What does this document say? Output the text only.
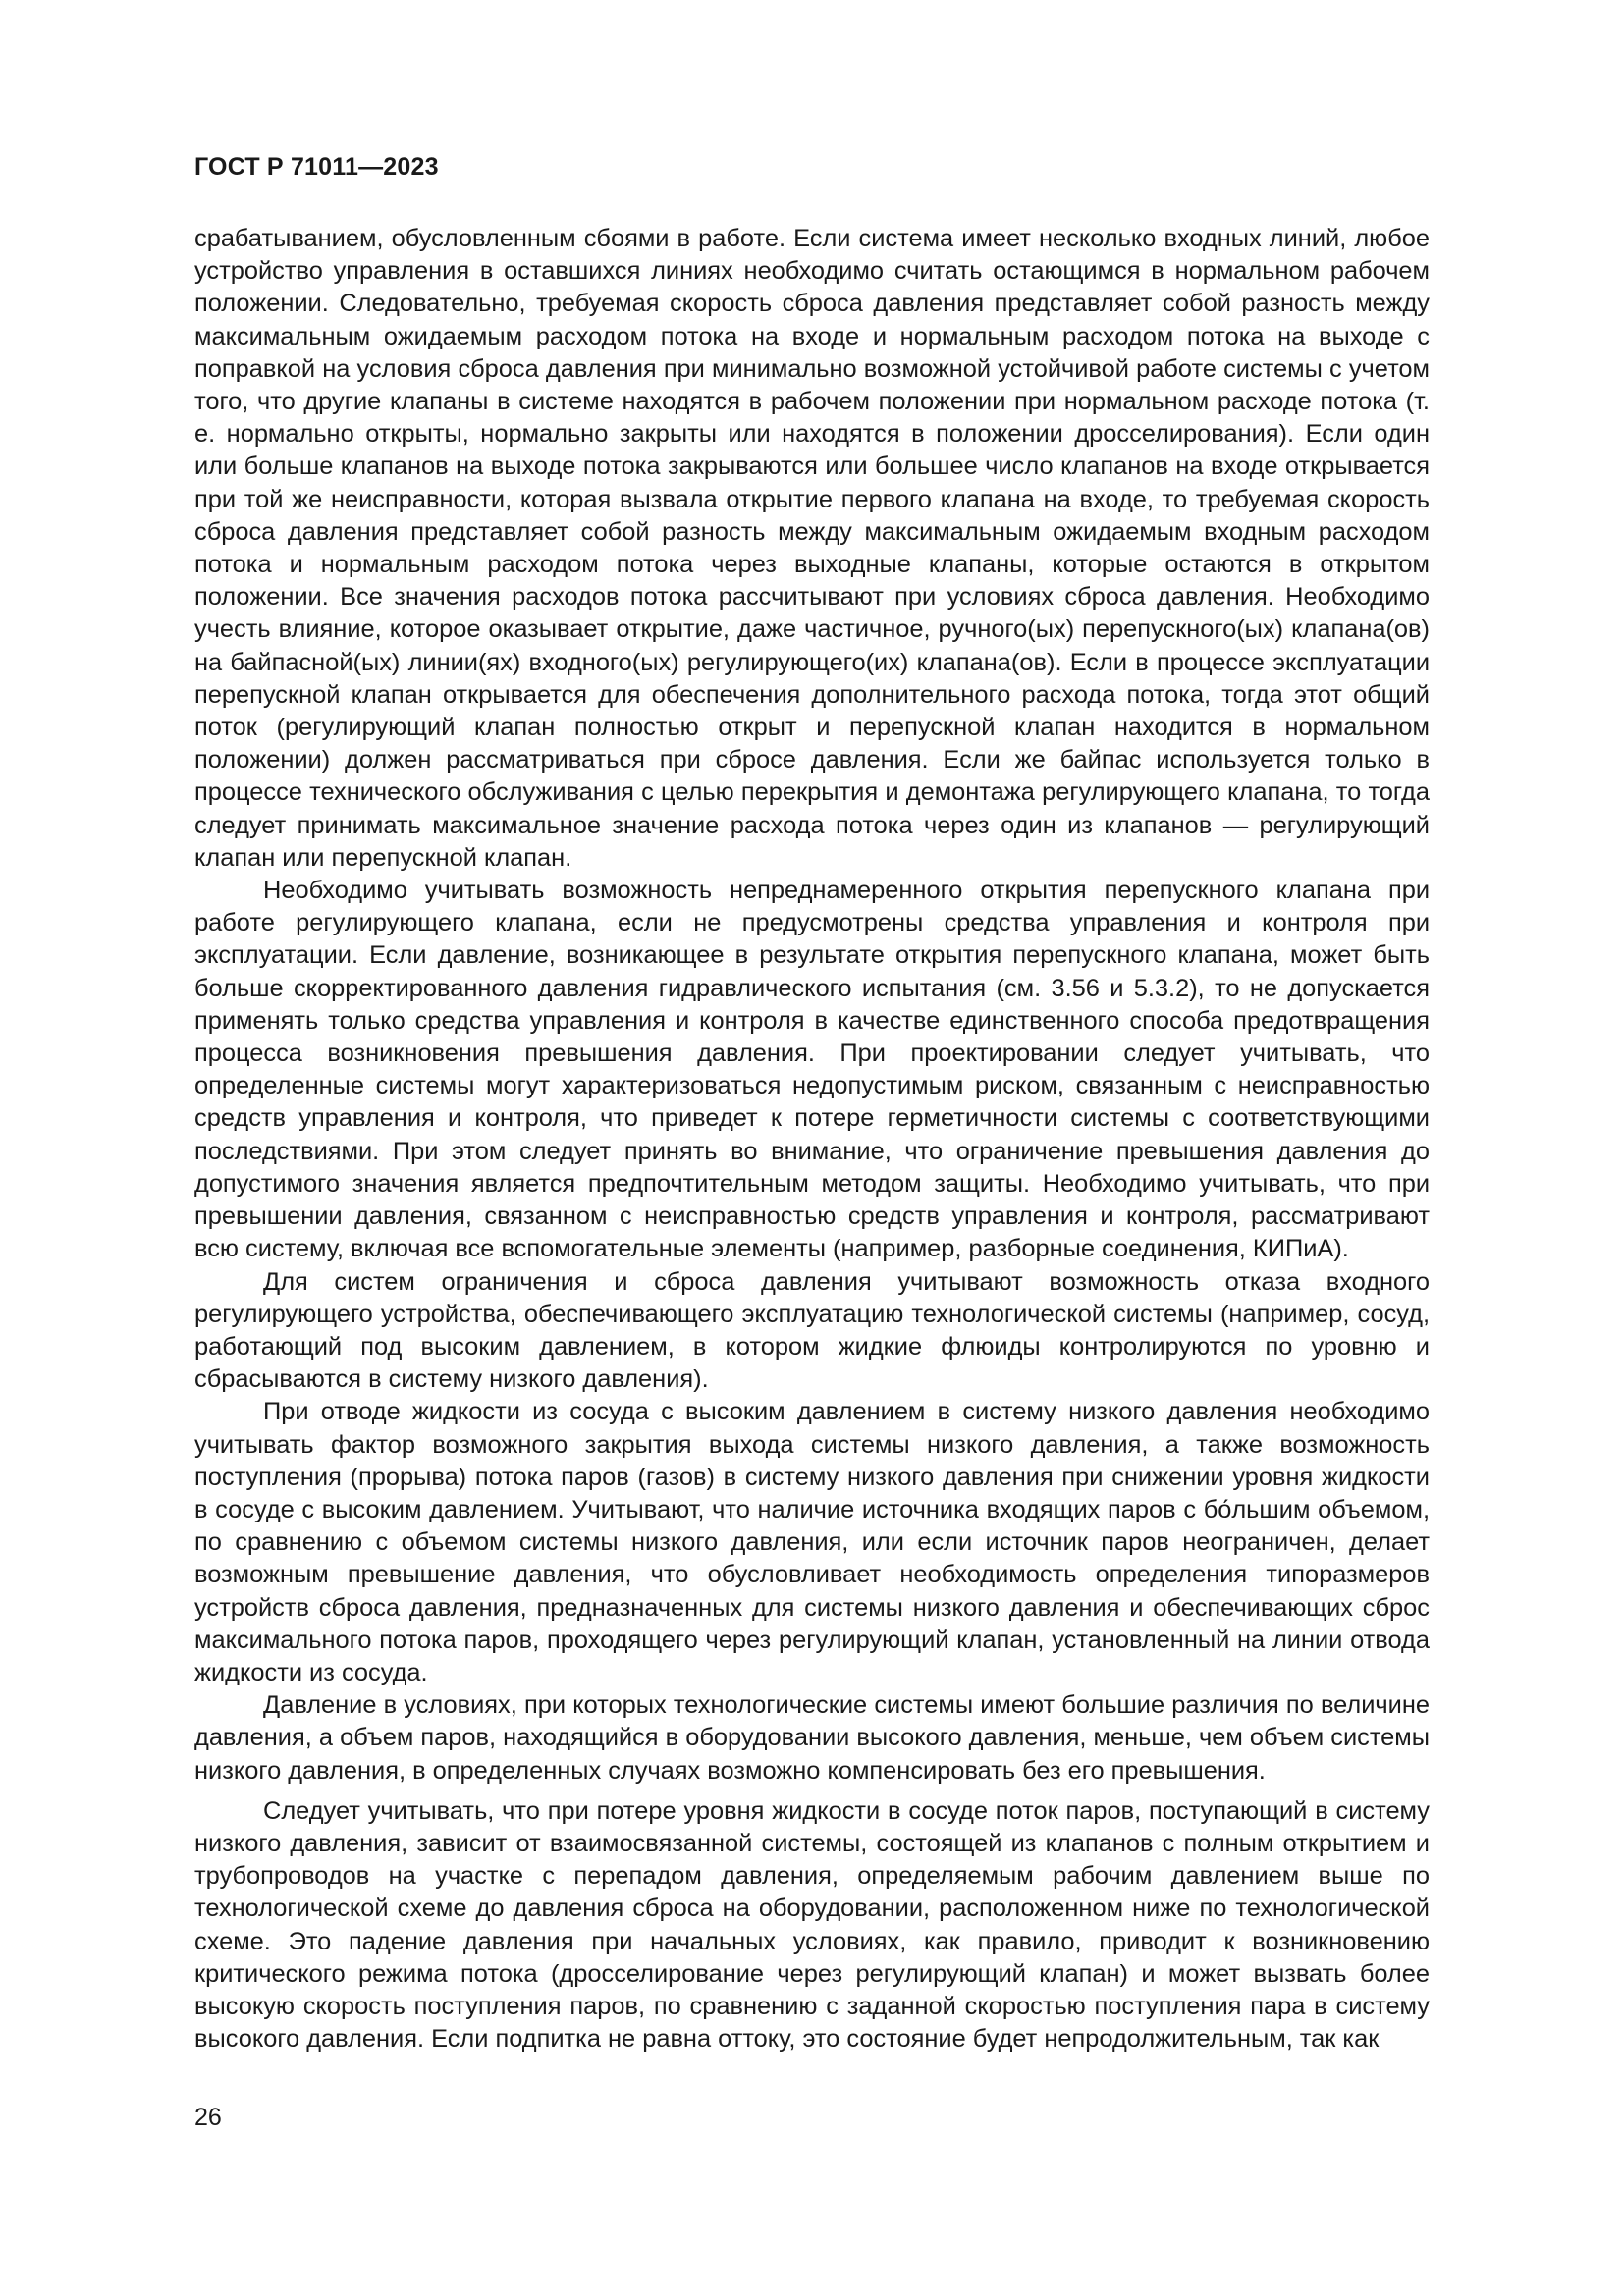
ГОСТ Р 71011—2023

срабатыванием, обусловленным сбоями в работе. Если система имеет несколько входных линий, любое устройство управления в оставшихся линиях необходимо считать остающимся в нормальном рабочем положении. Следовательно, требуемая скорость сброса давления представляет собой разность между максимальным ожидаемым расходом потока на входе и нормальным расходом потока на выходе с поправкой на условия сброса давления при минимально возможной устойчивой работе системы с учетом того, что другие клапаны в системе находятся в рабочем положении при нормальном расходе потока (т. е. нормально открыты, нормально закрыты или находятся в положении дросселирования). Если один или больше клапанов на выходе потока закрываются или большее число клапанов на входе открывается при той же неисправности, которая вызвала открытие первого клапана на входе, то требуемая скорость сброса давления представляет собой разность между максимальным ожидаемым входным расходом потока и нормальным расходом потока через выходные клапаны, которые остаются в открытом положении. Все значения расходов потока рассчитывают при условиях сброса давления. Необходимо учесть влияние, которое оказывает открытие, даже частичное, ручного(ых) перепускного(ых) клапана(ов) на байпасной(ых) линии(ях) входного(ых) регулирующего(их) клапана(ов). Если в процессе эксплуатации перепускной клапан открывается для обеспечения дополнительного расхода потока, тогда этот общий поток (регулирующий клапан полностью открыт и перепускной клапан находится в нормальном положении) должен рассматриваться при сбросе давления. Если же байпас используется только в процессе технического обслуживания с целью перекрытия и демонтажа регулирующего клапана, то тогда следует принимать максимальное значение расхода потока через один из клапанов — регулирующий клапан или перепускной клапан.

Необходимо учитывать возможность непреднамеренного открытия перепускного клапана при работе регулирующего клапана, если не предусмотрены средства управления и контроля при эксплуатации. Если давление, возникающее в результате открытия перепускного клапана, может быть больше скорректированного давления гидравлического испытания (см. 3.56 и 5.3.2), то не допускается применять только средства управления и контроля в качестве единственного способа предотвращения процесса возникновения превышения давления. При проектировании следует учитывать, что определенные системы могут характеризоваться недопустимым риском, связанным с неисправностью средств управления и контроля, что приведет к потере герметичности системы с соответствующими последствиями. При этом следует принять во внимание, что ограничение превышения давления до допустимого значения является предпочтительным методом защиты. Необходимо учитывать, что при превышении давления, связанном с неисправностью средств управления и контроля, рассматривают всю систему, включая все вспомогательные элементы (например, разборные соединения, КИПиА).

Для систем ограничения и сброса давления учитывают возможность отказа входного регулирующего устройства, обеспечивающего эксплуатацию технологической системы (например, сосуд, работающий под высоким давлением, в котором жидкие флюиды контролируются по уровню и сбрасываются в систему низкого давления).

При отводе жидкости из сосуда с высоким давлением в систему низкого давления необходимо учитывать фактор возможного закрытия выхода системы низкого давления, а также возможность поступления (прорыва) потока паров (газов) в систему низкого давления при снижении уровня жидкости в сосуде с высоким давлением. Учитывают, что наличие источника входящих паров с бо́льшим объемом, по сравнению с объемом системы низкого давления, или если источник паров неограничен, делает возможным превышение давления, что обусловливает необходимость определения типоразмеров устройств сброса давления, предназначенных для системы низкого давления и обеспечивающих сброс максимального потока паров, проходящего через регулирующий клапан, установленный на линии отвода жидкости из сосуда.

Давление в условиях, при которых технологические системы имеют большие различия по величине давления, а объем паров, находящийся в оборудовании высокого давления, меньше, чем объем системы низкого давления, в определенных случаях возможно компенсировать без его превышения.

Следует учитывать, что при потере уровня жидкости в сосуде поток паров, поступающий в систему низкого давления, зависит от взаимосвязанной системы, состоящей из клапанов с полным открытием и трубопроводов на участке с перепадом давления, определяемым рабочим давлением выше по технологической схеме до давления сброса на оборудовании, расположенном ниже по технологической схеме. Это падение давления при начальных условиях, как правило, приводит к возникновению критического режима потока (дросселирование через регулирующий клапан) и может вызвать более высокую скорость поступления паров, по сравнению с заданной скоростью поступления пара в систему высокого давления. Если подпитка не равна оттоку, это состояние будет непродолжительным, так как

26
